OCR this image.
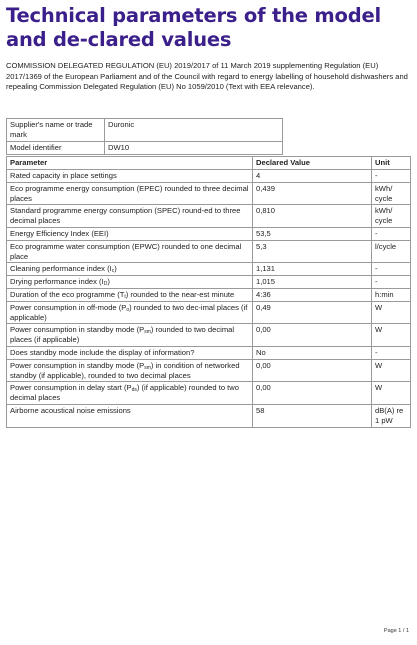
Technical parameters of the model and de-clared values
COMMISSION DELEGATED REGULATION (EU) 2019/2017 of 11 March 2019 supplementing Regulation (EU) 2017/1369 of the European Parliament and of the Council with regard to energy labelling of household dishwashers and repealing Commission Delegated Regulation (EU) No 1059/2010 (Text with EEA relevance).
Supplier's name or trade mark	Duronic
Model identifier	DW10
Parameter	Declared Value	Unit
Rated capacity in place settings	4	-
Eco programme energy consumption (EPEC) rounded to three decimal places	0,439	kWh/ cycle
Standard programme energy consumption (SPEC) round-ed to three decimal places	0,810	kWh/ cycle
Energy Efficiency Index (EEI)	53,5	-
Eco programme water consumption (EPWC) rounded to one decimal place	5,3	l/cycle
Cleaning performance index $(I_c)$	1,131	-
Drying performance index $(I_D)$	1,015	-
Duration of the eco programme $(T_t)$ rounded to the near-est minute	4:36	h:min
Power consumption in off-mode $(P_o)$ rounded to two dec-imal places (if applicable)	0,49	W
Power consumption in standby mode $(P_{sm})$ rounded to two decimal places (if applicable)	0,00	W
Does standby mode include the display of information?	No	-
Power consumption in standby mode $(P_{sm})$ in condition of networked standby (if applicable), rounded to two decimal places	0,00	W
Power consumption in delay start $(P_{ds})$ (if applicable) rounded to two decimal places	0,00	W
Airborne acoustical noise emissions	58	dB(A) re 1 pW
Page 1 / 1
